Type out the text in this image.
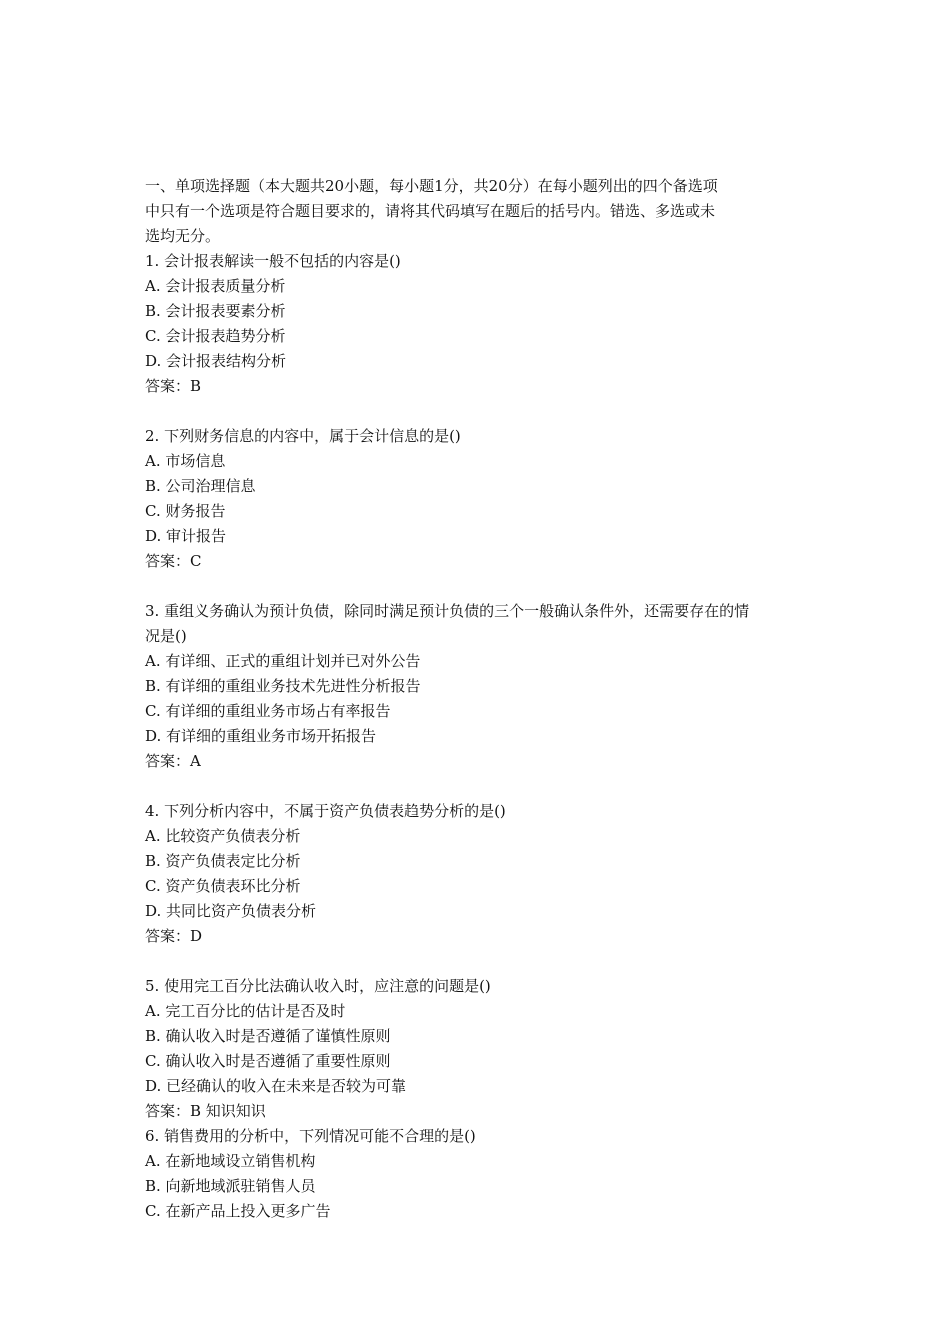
一、单项选择题（本大题共20小题，每小题1分，共20分）在每小题列出的四个备选项
中只有一个选项是符合题目要求的，请将其代码填写在题后的括号内。错选、多选或未
选均无分。

1. 会计报表解读一般不包括的内容是()

A. 会计报表质量分析

B. 会计报表要素分析

C. 会计报表趋势分析

D. 会计报表结构分析

答案：B

2. 下列财务信息的内容中，属于会计信息的是()

A. 市场信息

B. 公司治理信息

C. 财务报告

D. 审计报告

答案：C

3. 重组义务确认为预计负债，除同时满足预计负债的三个一般确认条件外，还需要存在的情
况是()

A. 有详细、正式的重组计划并已对外公告

B. 有详细的重组业务技术先进性分析报告

C. 有详细的重组业务市场占有率报告

D. 有详细的重组业务市场开拓报告

答案：A

4. 下列分析内容中，不属于资产负债表趋势分析的是()

A. 比较资产负债表分析

B. 资产负债表定比分析

C. 资产负债表环比分析

D. 共同比资产负债表分析

答案：D

5. 使用完工百分比法确认收入时，应注意的问题是()

A. 完工百分比的估计是否及时

B. 确认收入时是否遵循了谨慎性原则

C. 确认收入时是否遵循了重要性原则

D. 已经确认的收入在未来是否较为可靠

答案：B 知识知识

6. 销售费用的分析中，下列情况可能不合理的是()

A. 在新地域设立销售机构

B. 向新地域派驻销售人员

C. 在新产品上投入更多广告
